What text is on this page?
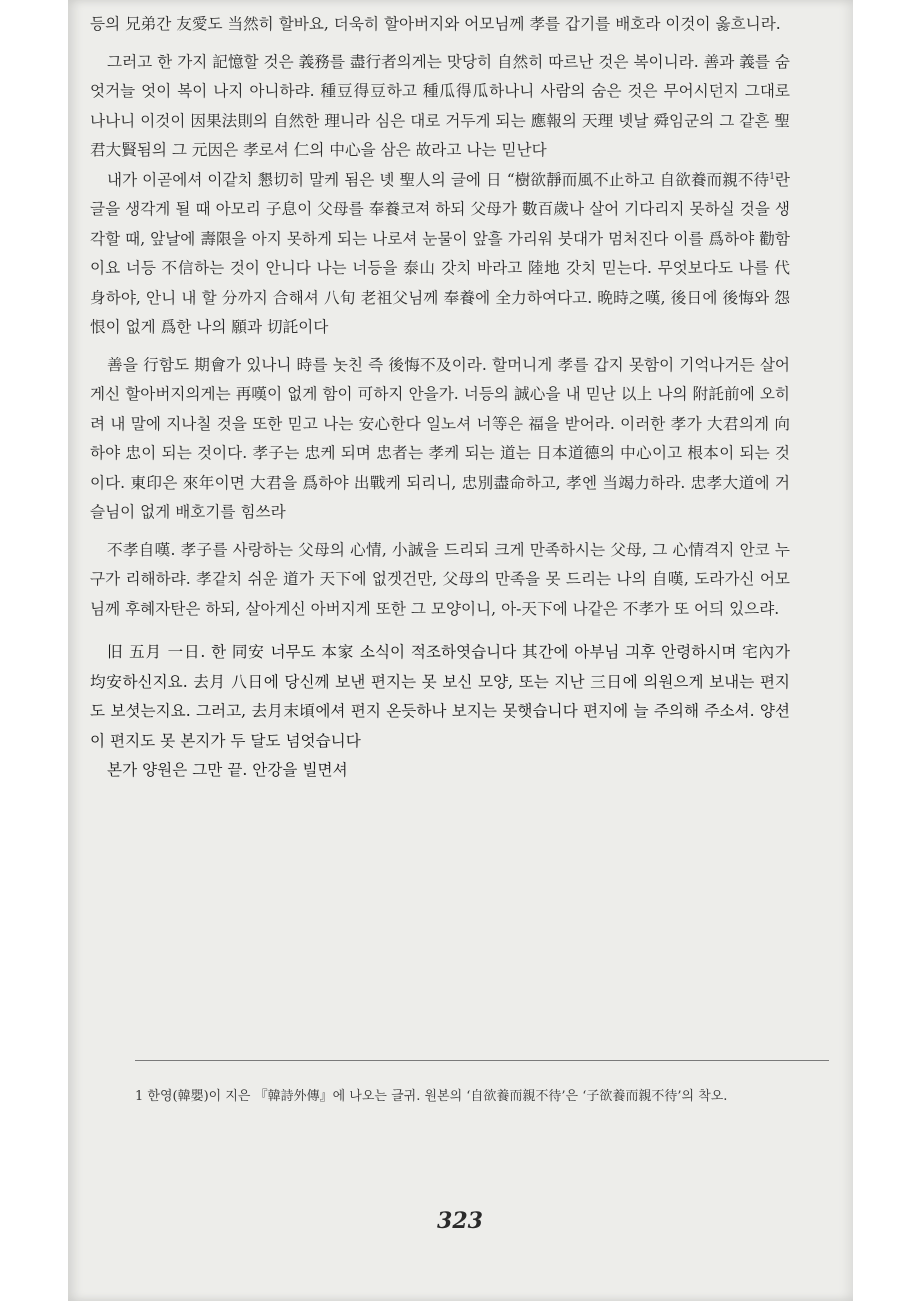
등의 兄弟간 友愛도 当然히 할바요, 더욱히 할아버지와 어모님께 孝를 갑기를 배호라 이것이 옳흐니라.

그러고 한 가지 記憶할 것은 義務를 盡行者의게는 맛당히 自然히 따르난 것은 복이니라. 善과 義를 숨엇거늘 엇이 복이 나지 아니하랴. 種豆得豆하고 種瓜得瓜하나니 사람의 숨은 것은 무어시던지 그대로 나나니 이것이 因果法則의 自然한 理니라 심은 대로 거두게 되는 應報의 天理 녯날 舜임군의 그 같흔 聖君大賢됨의 그 元因은 孝로셔 仁의 中心을 삼은 故라고 나는 믿난다

내가 이곧에셔 이같치 懇切히 말케 됨은 녯 聖人의 글에 日 “樹欲靜而風不止하고 自欲養而親不待$^1$란 글을 생각게 될 때 아모리 子息이 父母를 奉養코져 하되 父母가 數百歲나 살어 기다리지 못하실 것을 생각할 때, 앞날에 壽限을 아지 못하게 되는 나로셔 눈물이 앞흘 가리워 붓대가 멈처진다 이를 爲하야 勸함이요 너등 不信하는 것이 안니다 나는 너등을 泰山 갓치 바라고 陸地 갓치 믿는다. 무엇보다도 나를 代身하야, 안니 내 할 分까지 合해셔 八旬 老祖父님께 奉養에 全力하여다고. 晩時之嘆, 後日에 後悔와 怨恨이 없게 爲한 나의 願과 切託이다

善을 行함도 期會가 있나니 時를 놋친 즉 後悔不及이라. 할머니게 孝를 갑지 못함이 기억나거든 살어게신 할아버지의게는 再嘆이 없게 함이 可하지 안을가. 너등의 誠心을 내 믿난 以上 나의 附託前에 오히려 내 말에 지나칠 것을 또한 믿고 나는 安心한다 일노셔 너等은 福을 받어라. 이러한 孝가 大君의게 向하야 忠이 되는 것이다. 孝子는 忠케 되며 忠者는 孝케 되는 道는 日本道德의 中心이고 根本이 되는 것이다. 東印은 來年이면 大君을 爲하야 出戰케 되리니, 忠別盡命하고, 孝엔 当竭力하라. 忠孝大道에 거슬님이 없게 배호기를 힘쓰라

不孝自嘆. 孝子를 사랑하는 父母의 心情, 小誠을 드리되 크게 만족하시는 父母, 그 心情격지 안코 누구가 리해하랴. 孝같치 쉬운 道가 天下에 없겟건만, 父母의 만족을 못 드리는 나의 自嘆, 도라가신 어모님께 후혜자탄은 하되, 살아게신 아버지게 또한 그 모양이니, 아-天下에 나같은 不孝가 또 어듸 있으랴.

旧 五月 一日. 한 同安 너무도 本家 소식이 적조하엿습니다 其간에 아부님 긔후 안령하시며 宅內가 均安하신지요. 去月 八日에 당신께 보낸 편지는 못 보신 모양, 또는 지난 三日에 의원으게 보내는 편지도 보셧는지요. 그러고, 去月末頃에셔 편지 온듯하나 보지는 못햇습니다 편지에 늘 주의해 주소셔. 양션이 편지도 못 본지가 두 달도 넘엇습니다

본가 양원은 그만 끝. 안강을 빌면셔

1 한영(韓嬰)이 지은 『韓詩外傳』에 나오는 글귀. 원본의 ‘自欲養而親不待’은 ‘子欲養而親不待’의 착오.
323
